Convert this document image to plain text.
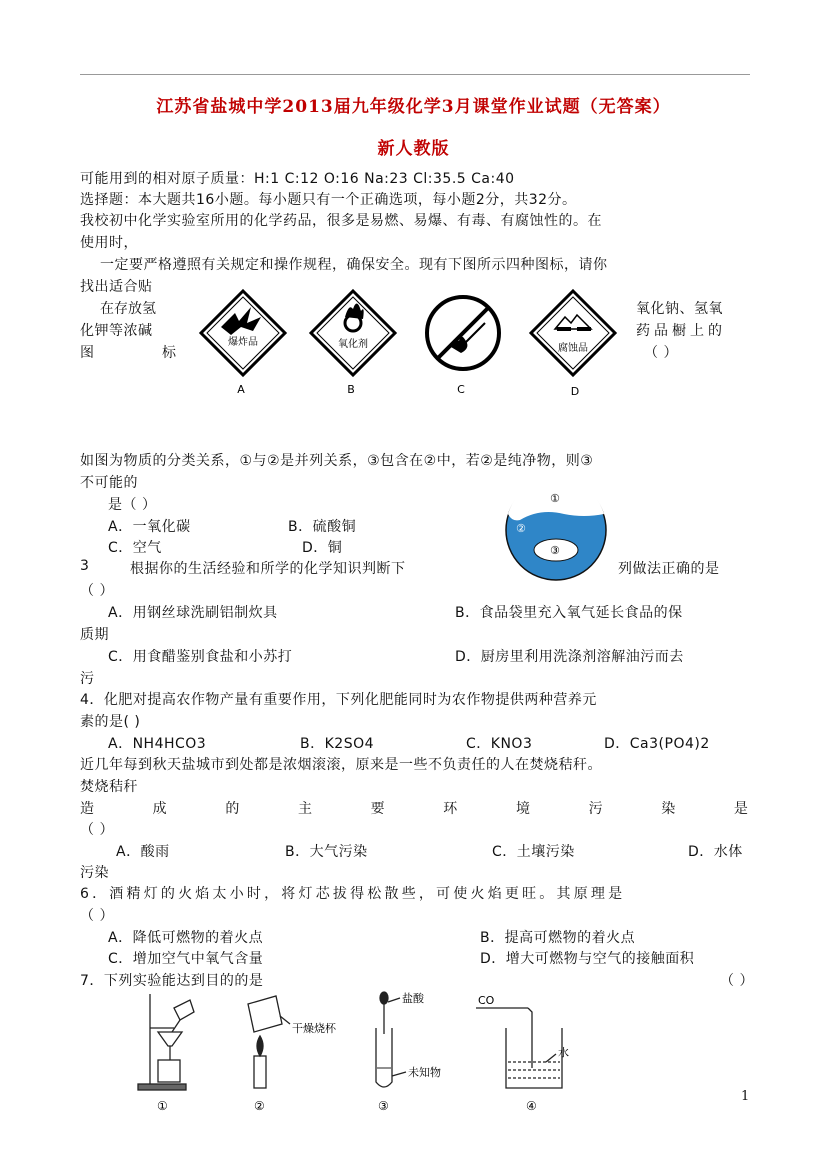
江苏省盐城中学2013届九年级化学3月课堂作业试题（无答案）
新人教版
可能用到的相对原子质量：H:1 C:12 O:16 Na:23 Cl:35.5 Ca:40
选择题：本大题共16小题。每小题只有一个正确选项，每小题2分，共32分。
我校初中化学实验室所用的化学药品，很多是易燃、易爆、有毒、有腐蚀性的。在
使用时，
一定要严格遵照有关规定和操作规程，确保安全。现有下图所示四种图标，请你
找出适合贴
在存放氢
化钾等浓碱
图	标
氧化钠、氢氧
药品橱上的
（ ）
爆炸品
A
氧化剂
B	C
腐蚀品
D
如图为物质的分类关系，①与②是并列关系，③包含在②中，若②是纯净物，则③
不可能的
是（ ）
A．一氧化碳	B．硫酸铜
C．空气	D．铜
①
②
③
3	根据你的生活经验和所学的化学知识判断下	列做法正确的是
（ ）
A．用钢丝球洗刷铝制炊具	B．食品袋里充入氧气延长食品的保
质期
C．用食醋鉴别食盐和小苏打	D．厨房里利用洗涤剂溶解油污而去
污
4．化肥对提高农作物产量有重要作用，下列化肥能同时为农作物提供两种营养元
素的是( )
A．NH4HCO3	B．K2SO4	C．KNO3	D．Ca3(PO4)2
近几年每到秋天盐城市到处都是浓烟滚滚，原来是一些不负责任的人在焚烧秸秆。
焚烧秸秆
造	成	的	主	要	环	境	污	染	是
（ ）
A．酸雨	B．大气污染	C．土壤污染	D．水体
污染
6．酒精灯的火焰太小时，将灯芯拔得松散些，可使火焰更旺。其原理是
（ ）
A．降低可燃物的着火点	B．提高可燃物的着火点
C．增加空气中氧气含量	D．增大可燃物与空气的接触面积
7．下列实验能达到目的的是	（ ）
①
干燥烧杯
②
盐酸
未知物
③
CO
水
④
1
